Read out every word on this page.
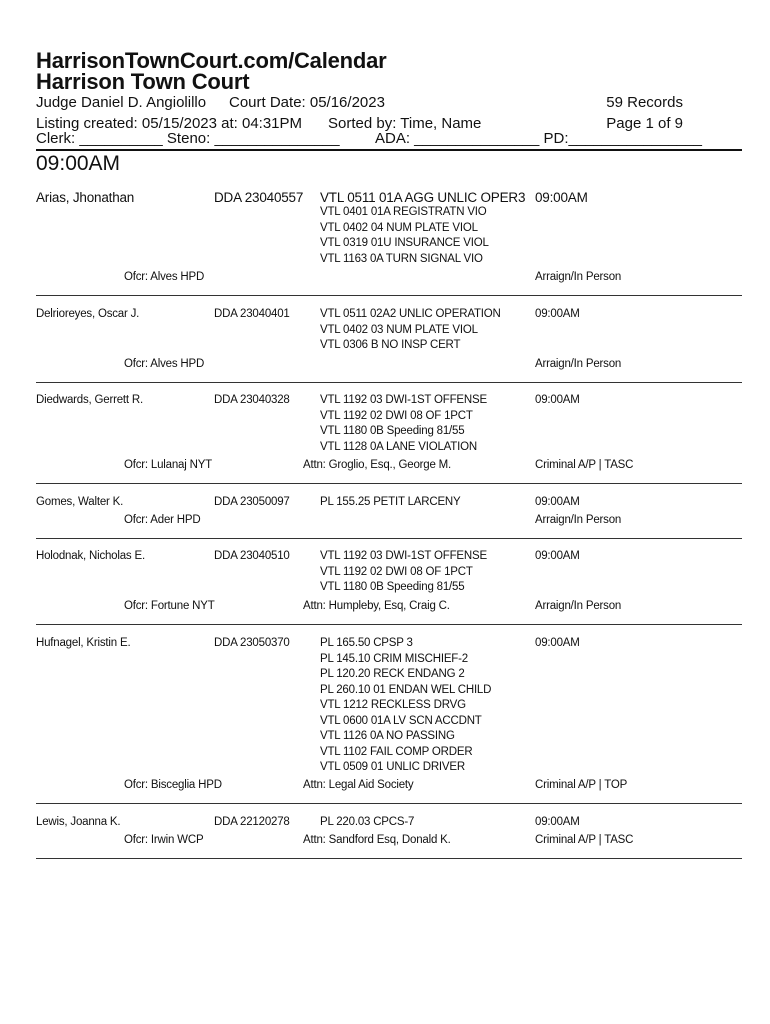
HarrisonTownCourt.com/Calendar
Harrison Town Court
Judge Daniel D. Angiolillo Court Date: 05/16/2023	59 Records
Listing created: 05/15/2023 at: 04:31PM Sorted by: Time, Name	Page 1 of 9
Clerk: __________ Steno: _______________ ADA: _______________ PD:________________
09:00AM
Arias, Jhonathan	DDA 23040557 VTL 0511 01A AGG UNLIC OPER3 09:00AM
VTL 0401 01A REGISTRATN VIO
VTL 0402 04 NUM PLATE VIOL
VTL 0319 01U INSURANCE VIOL
VTL 1163 0A TURN SIGNAL VIO
Ofcr: Alves HPD	Arraign/In Person
Delrioreyes, Oscar J.	DDA 23040401	VTL 0511 02A2 UNLIC OPERATION
VTL 0402 03 NUM PLATE VIOL
VTL 0306 B NO INSP CERT
09:00AM
Ofcr: Alves HPD	Arraign/In Person
Diedwards, Gerrett R.	DDA 23040328	VTL 1192 03 DWI-1ST OFFENSE
VTL 1192 02 DWI 08 OF 1PCT
VTL 1180 0B Speeding 81/55
VTL 1128 0A LANE VIOLATION
09:00AM
Ofcr: Lulanaj NYT	Attn: Groglio, Esq., George M.	Criminal A/P | TASC
Gomes, Walter K.	DDA 23050097	PL 155.25 PETIT LARCENY	09:00AM
Ofcr: Ader HPD	Arraign/In Person
Holodnak, Nicholas E.	DDA 23040510	VTL 1192 03 DWI-1ST OFFENSE
VTL 1192 02 DWI 08 OF 1PCT
VTL 1180 0B Speeding 81/55
09:00AM
Ofcr: Fortune NYT	Attn: Humpleby, Esq, Craig C.	Arraign/In Person
Hufnagel, Kristin E.	DDA 23050370	PL 165.50 CPSP 3
PL 145.10 CRIM MISCHIEF-2
PL 120.20 RECK ENDANG 2
PL 260.10 01 ENDAN WEL CHILD
VTL 1212 RECKLESS DRVG
VTL 0600 01A LV SCN ACCDNT
VTL 1126 0A NO PASSING
VTL 1102 FAIL COMP ORDER
VTL 0509 01 UNLIC DRIVER
09:00AM
Ofcr: Bisceglia HPD	Attn: Legal Aid Society	Criminal A/P | TOP
Lewis, Joanna K.	DDA 22120278	PL 220.03 CPCS-7	09:00AM
Ofcr: Irwin WCP	Attn: Sandford Esq, Donald K.	Criminal A/P | TASC
